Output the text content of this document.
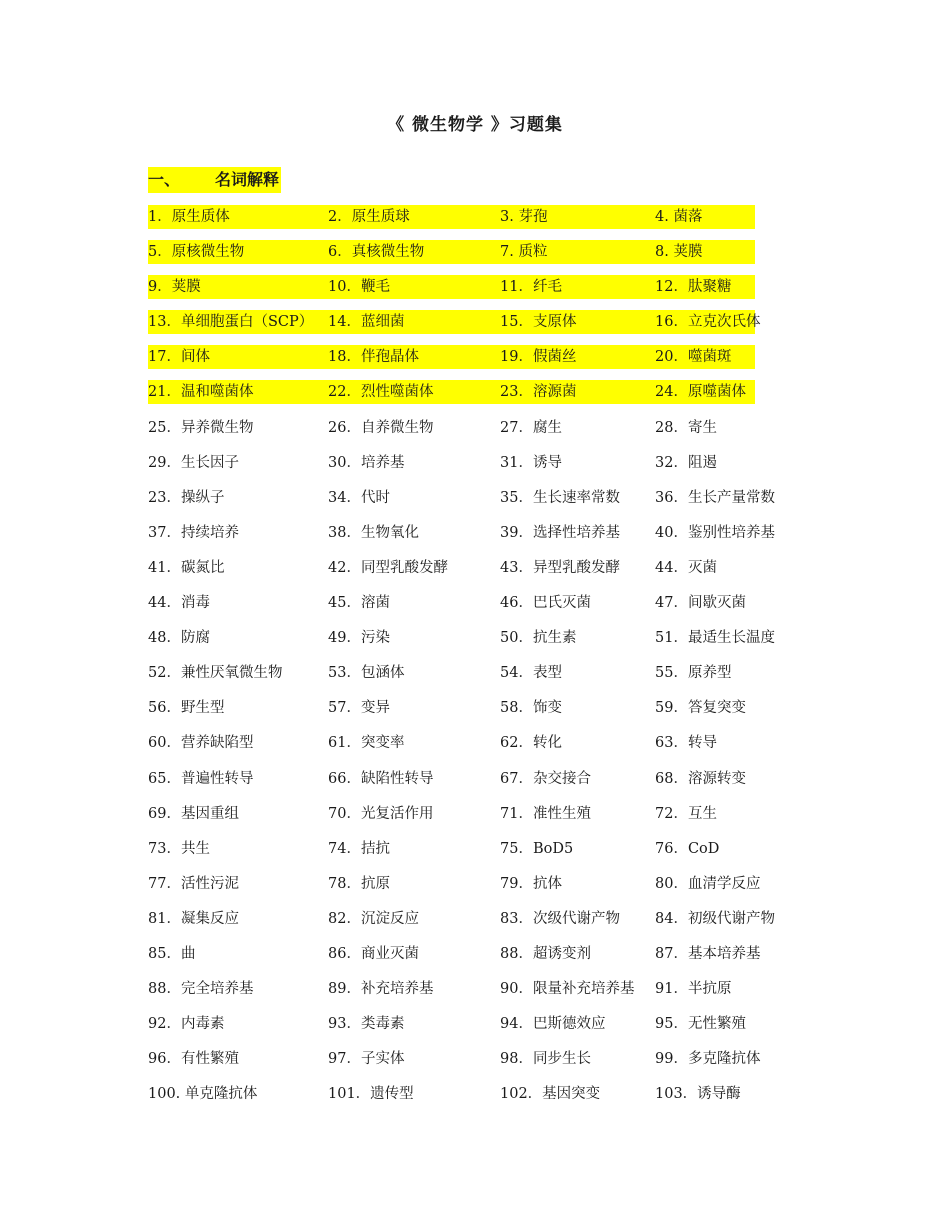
《 微生物学 》习题集
一、 名词解释
1．原生质体	2．原生质球	3. 芽孢	4. 菌落
5．原核微生物	6．真核微生物	7. 质粒	8. 荚膜
9．荚膜	10．鞭毛	11．纤毛	12．肽聚糖
13．单细胞蛋白（SCP）	14．蓝细菌	15．支原体	16．立克次氏体
17．间体	18．伴孢晶体	19．假菌丝	20．噬菌斑
21．温和噬菌体	22．烈性噬菌体	23．溶源菌	24．原噬菌体
25．异养微生物	26．自养微生物	27．腐生	28．寄生
29．生长因子	30．培养基	31．诱导	32．阻遏
23．操纵子	34．代时	35．生长速率常数	36．生长产量常数
37．持续培养	38．生物氧化	39．选择性培养基	40．鉴别性培养基
41．碳氮比	42．同型乳酸发酵	43．异型乳酸发酵	44．灭菌
44．消毒	45．溶菌	46．巴氏灭菌	47．间歇灭菌
48．防腐	49．污染	50．抗生素	51．最适生长温度
52．兼性厌氧微生物	53．包涵体	54．表型	55．原养型
56．野生型	57．变异	58．饰变	59．答复突变
60．营养缺陷型	61．突变率	62．转化	63．转导
65．普遍性转导	66．缺陷性转导	67．杂交接合	68．溶源转变
69．基因重组	70．光复活作用	71．准性生殖	72．互生
73．共生	74．拮抗	75．BoD5	76．CoD
77．活性污泥	78．抗原	79．抗体	80．血清学反应
81．凝集反应	82．沉淀反应	83．次级代谢产物	84．初级代谢产物
85．曲	86．商业灭菌	88．超诱变剂	87．基本培养基
88．完全培养基	89．补充培养基	90．限量补充培养基	91．半抗原
92．内毒素	93．类毒素	94．巴斯德效应	95．无性繁殖
96．有性繁殖	97．子实体	98．同步生长	99．多克隆抗体
100. 单克隆抗体	101．遗传型	102．基因突变	103．诱导酶
